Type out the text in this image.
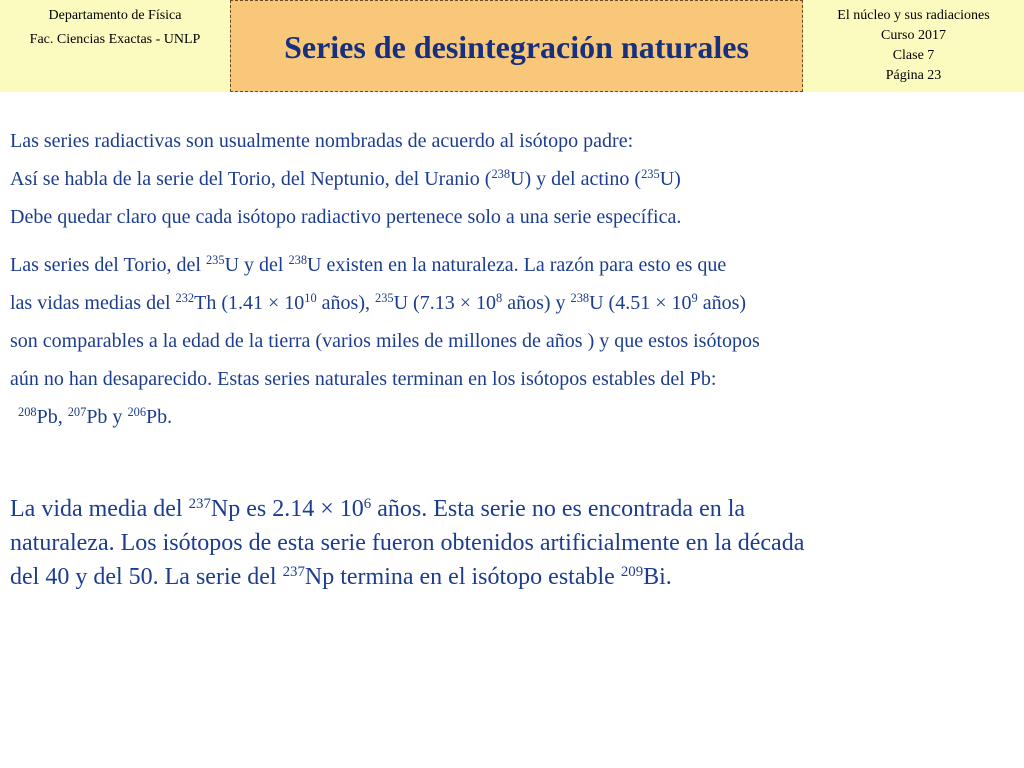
Departamento de Física
Fac. Ciencias Exactas - UNLP	Series de desintegración naturales
El núcleo y sus radiaciones
Curso 2017
Clase 7
Página 23

Las series radiactivas son usualmente nombradas de acuerdo al isótopo padre:

Así se habla de la serie del Torio, del Neptunio, del Uranio ($^{238}$U) y del actino ($^{235}$U)

Debe quedar claro que cada isótopo radiactivo pertenece solo a una serie específica.

Las series del Torio, del $^{235}$U y del $^{238}$U existen en la naturaleza. La razón para esto es que

las vidas medias del $^{232}$Th ($1.41 \times 10^{10}$ años), $^{235}$U ($7.13 \times 10^8$ años) y $^{238}$U ($4.51 \times 10^9$ años)

son comparables a la edad de la tierra (varios miles de millones de años ) y que estos isótopos

aún no han desaparecido. Estas series naturales terminan en los isótopos estables del Pb:

$^{208}$Pb, $^{207}$Pb y $^{206}$Pb.

La vida media del $^{237}$Np es $2.14 \times 10^6$ años. Esta serie no es encontrada en la

naturaleza. Los isótopos de esta serie fueron obtenidos artificialmente en la década

del 40 y del 50. La serie del $^{237}$Np termina en el isótopo estable $^{209}$Bi.
